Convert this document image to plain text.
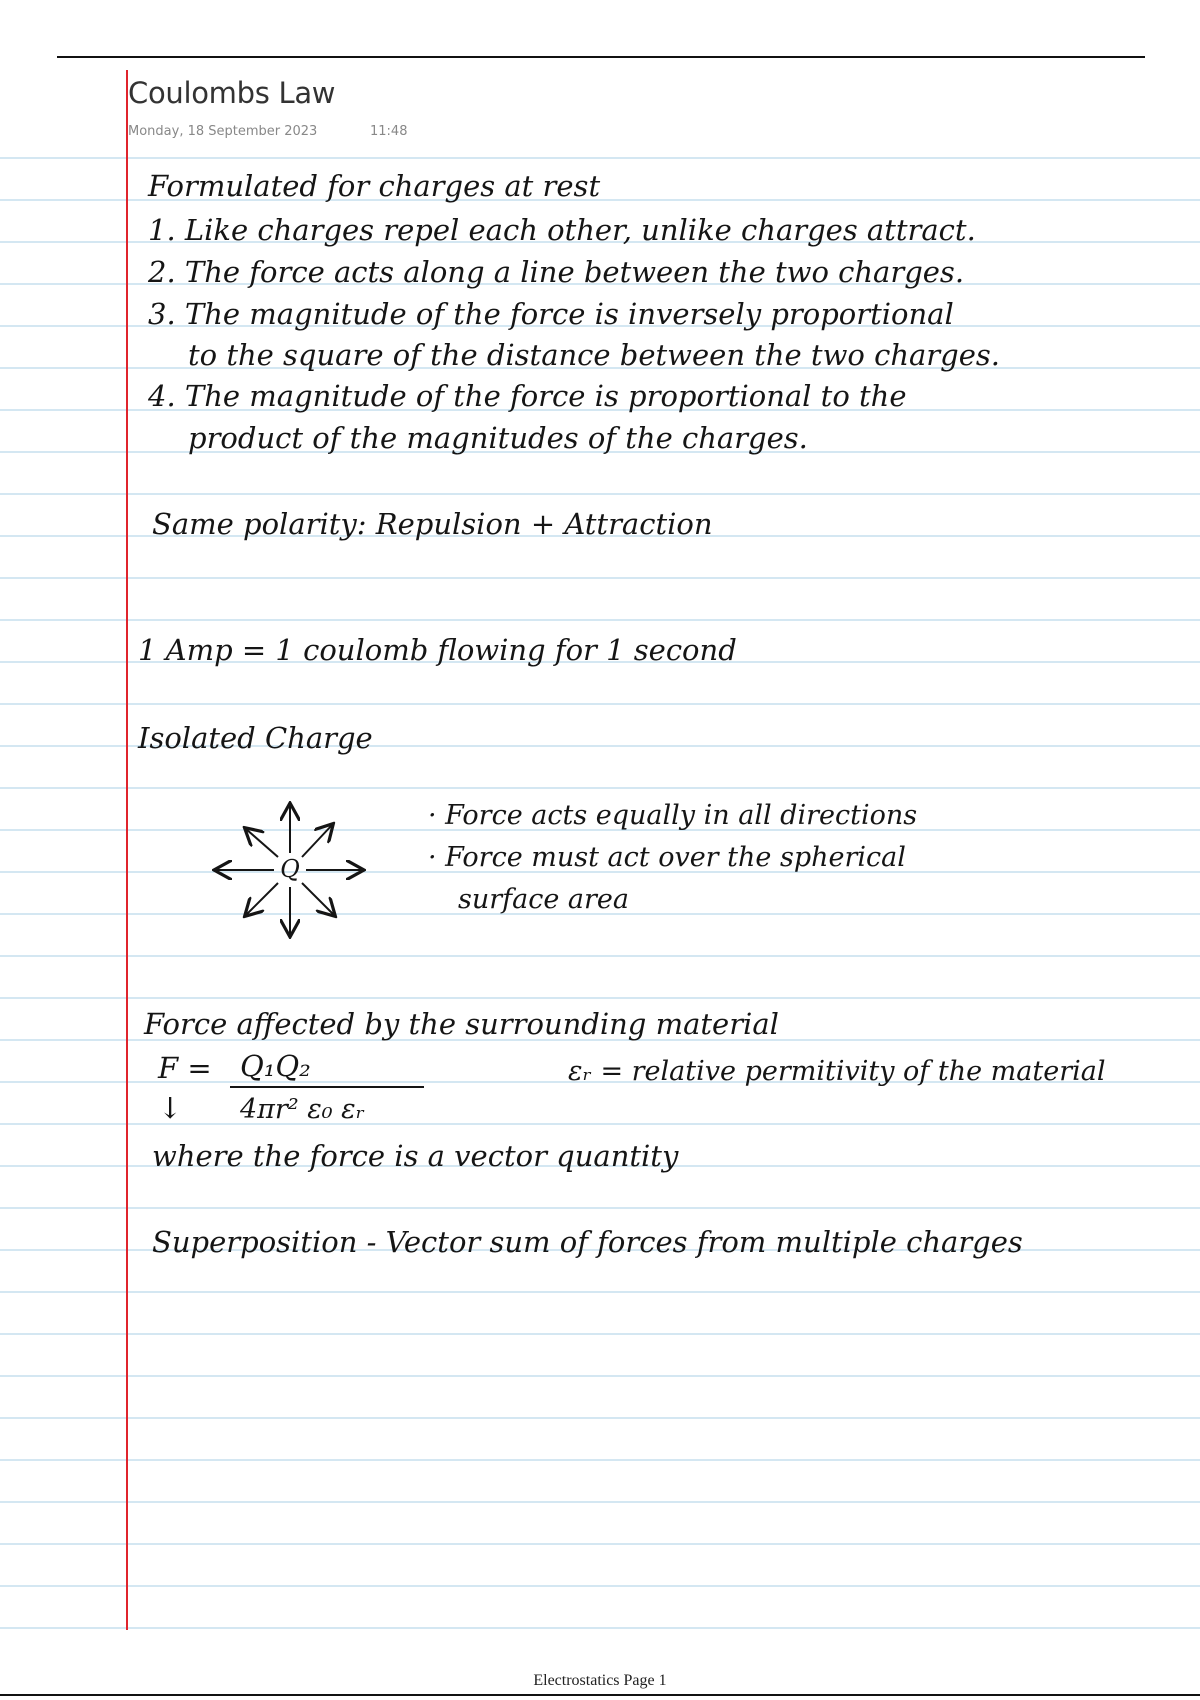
Coulombs Law
Monday, 18 September 2023	11:48
Formulated for charges at rest
1. Like charges repel each other, unlike charges attract.
2. The force acts along a line between the two charges.
3. The magnitude of the force is inversely proportional
to the square of the distance between the two charges.
4. The magnitude of the force is proportional to the
product of the magnitudes of the charges.
Same polarity: Repulsion + Attraction
1 Amp = 1 coulomb flowing for 1 second
Isolated Charge
Q
· Force acts equally in all directions
· Force must act over the spherical
surface area
Force affected by the surrounding material
F = Q₁Q₂
4πr² ε₀ εᵣ
↓
εᵣ = relative permitivity of the material
where the force is a vector quantity
Superposition - Vector sum of forces from multiple charges
Electrostatics Page 1
